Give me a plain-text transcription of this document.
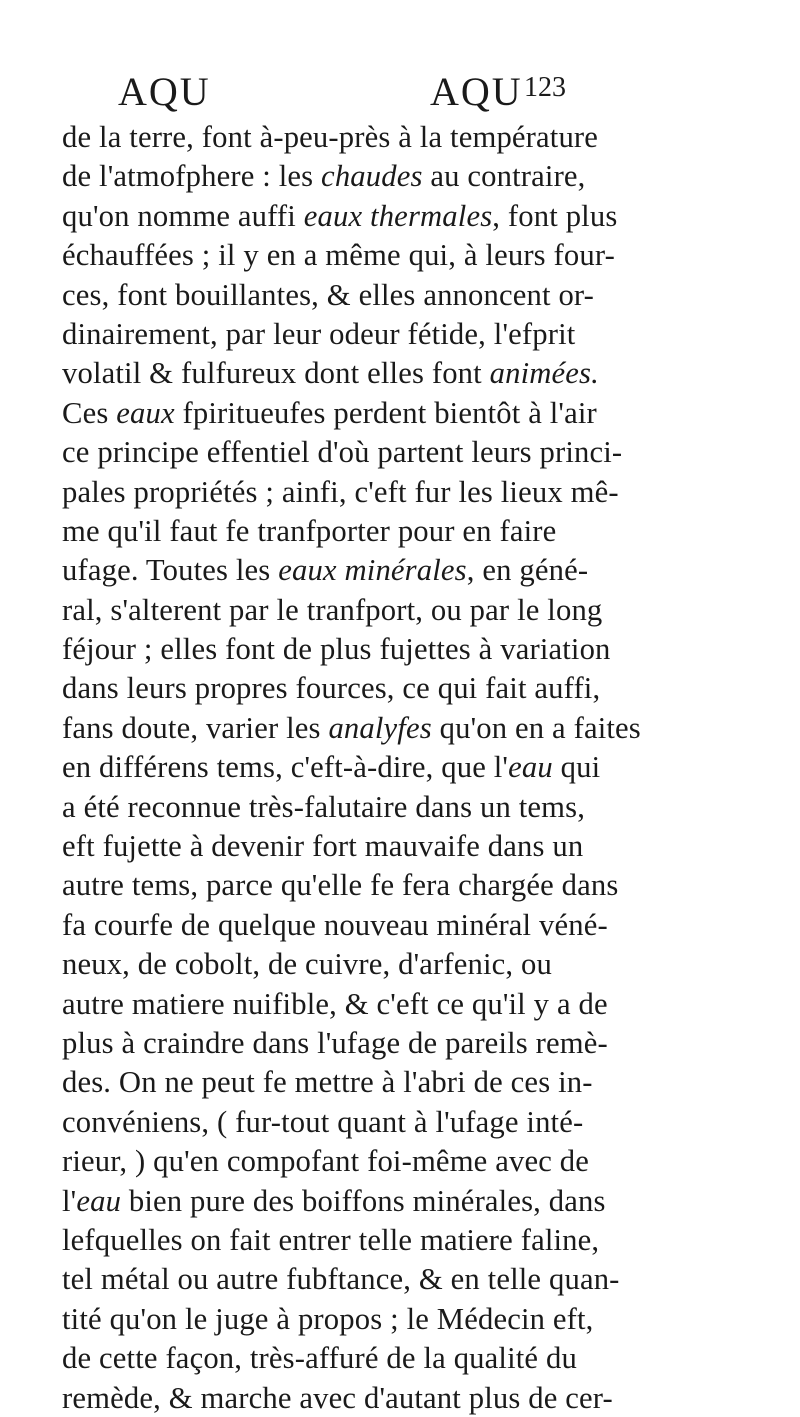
AQU	AQU 123
de la terre, font à-peu-près à la température
de l'atmofphere : les chaudes au contraire,
qu'on nomme auffi eaux thermales, font plus
échauffées ; il y en a même qui, à leurs four-
ces, font bouillantes, & elles annoncent or-
dinairement, par leur odeur fétide, l'efprit
volatil & fulfureux dont elles font animées.
Ces eaux fpiritueufes perdent bientôt à l'air
ce principe effentiel d'où partent leurs princi-
pales propriétés ; ainfi, c'eft fur les lieux mê-
me qu'il faut fe tranfporter pour en faire
ufage. Toutes les eaux minérales, en géné-
ral, s'alterent par le tranfport, ou par le long
féjour ; elles font de plus fujettes à variation
dans leurs propres fources, ce qui fait auffi,
fans doute, varier les analyfes qu'on en a faites
en différens tems, c'eft-à-dire, que l'eau qui
a été reconnue très-falutaire dans un tems,
eft fujette à devenir fort mauvaife dans un
autre tems, parce qu'elle fe fera chargée dans
fa courfe de quelque nouveau minéral véné-
neux, de cobolt, de cuivre, d'arfenic, ou
autre matiere nuifible, & c'eft ce qu'il y a de
plus à craindre dans l'ufage de pareils remè-
des. On ne peut fe mettre à l'abri de ces in-
convéniens, ( fur-tout quant à l'ufage inté-
rieur, ) qu'en compofant foi-même avec de
l'eau bien pure des boiffons minérales, dans
lefquelles on fait entrer telle matiere faline,
tel métal ou autre fubftance, & en telle quan-
tité qu'on le juge à propos ; le Médecin eft,
de cette façon, très-affuré de la qualité du
remède, & marche avec d'autant plus de cer-
